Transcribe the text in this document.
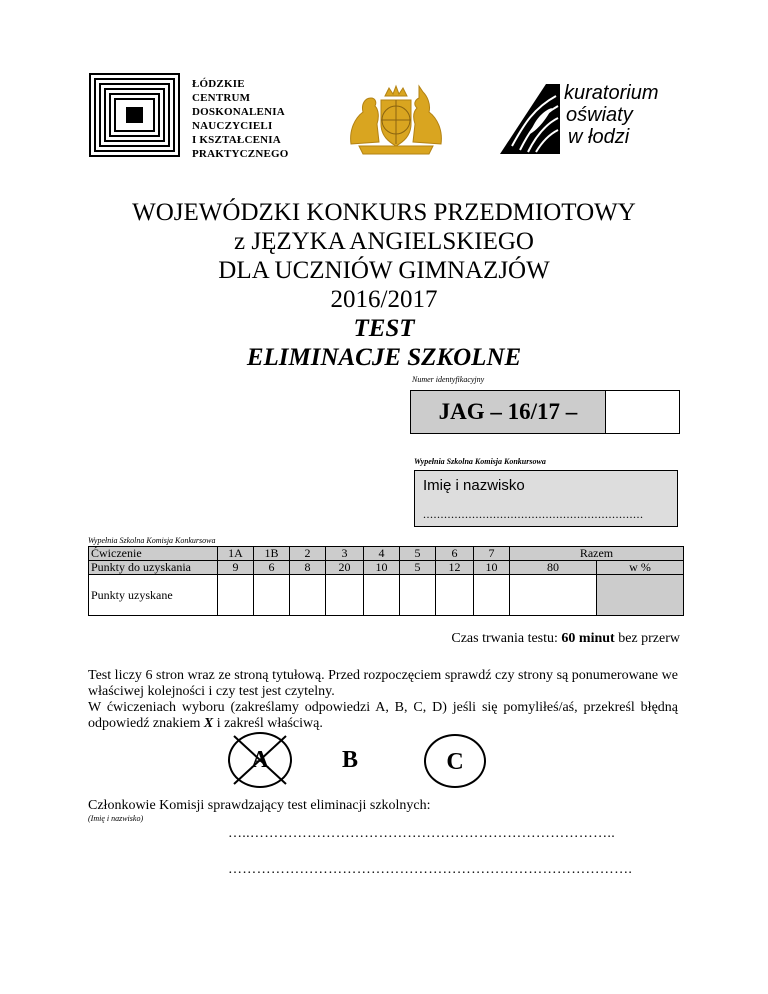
ŁÓDZKIE
CENTRUM
DOSKONALENIA
NAUCZYCIELI
I KSZTAŁCENIA
PRAKTYCZNEGO
kuratorium
oświaty
w łodzi
WOJEWÓDZKI KONKURS PRZEDMIOTOWY
z JĘZYKA ANGIELSKIEGO
DLA UCZNIÓW GIMNAZJÓW
2016/2017
TEST
ELIMINACJE SZKOLNE
Numer identyfikacyjny
JAG – 16/17 –
Wypełnia Szkolna Komisja Konkursowa
Imię i nazwisko
...............................................................
Wypełnia Szkolna Komisja Konkursowa
Ćwiczenie	1A	1B	2	3	4	5	6	7	Razem	
Punkty do uzyskania	9	6	8	20	10	5	12	10	80	w %
Punkty uzyskane										
Czas trwania testu: 60 minut bez przerw
Test liczy 6 stron wraz ze stroną tytułową. Przed rozpoczęciem sprawdź czy strony są ponumerowane we właściwej kolejności i czy test jest czytelny.
W ćwiczeniach wyboru (zakreślamy odpowiedzi A, B, C, D) jeśli się pomyliłeś/aś, przekreśl błędną odpowiedź znakiem X i zakreśl właściwą.
A	B	C
Członkowie Komisji sprawdzający test eliminacji szkolnych:
(Imię i nazwisko)
…..…………………………………………………………………..
………………………………………………………………………….
